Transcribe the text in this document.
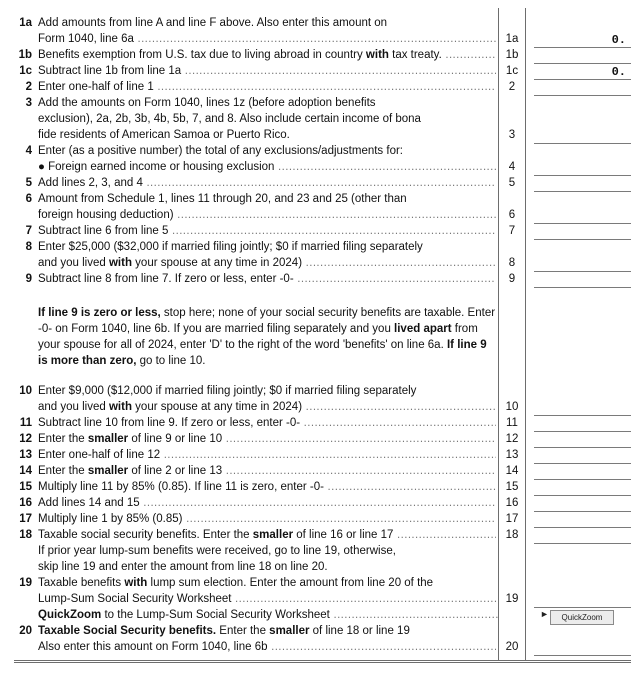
1a Add amounts from line A and line F above. Also enter this amount on
Form 1040, line 6a .....	1a	0.
1b Benefits exemption from U.S. tax due to living abroad in country with tax treaty. .....	1b
1c Subtract line 1b from line 1a .....	1c	0.
2 Enter one-half of line 1 .....	2
3 Add the amounts on Form 1040, lines 1z (before adoption benefits
exclusion), 2a, 2b, 3b, 4b, 5b, 7, and 8. Also include certain income of bona
fide residents of American Samoa or Puerto Rico.	3
4 Enter (as a positive number) the total of any exclusions/adjustments for:
● Foreign earned income or housing exclusion .....	4
5 Add lines 2, 3, and 4 .....	5
6 Amount from Schedule 1, lines 11 through 20, and 23 and 25 (other than
foreign housing deduction) .....	6
7 Subtract line 6 from line 5 .....	7
8 Enter $25,000 ($32,000 if married filing jointly; $0 if married filing separately
and you lived with your spouse at any time in 2024) .....	8
9 Subtract line 8 from line 7. If zero or less, enter -0- .....	9
10 Enter $9,000 ($12,000 if married filing jointly; $0 if married filing separately
and you lived with your spouse at any time in 2024) .....	10
11 Subtract line 10 from line 9. If zero or less, enter -0- .....	11
12 Enter the smaller of line 9 or line 10 .....	12
13 Enter one-half of line 12 .....	13
14 Enter the smaller of line 2 or line 13 .....	14
15 Multiply line 11 by 85% (0.85). If line 11 is zero, enter -0- .....	15
16 Add lines 14 and 15 .....	16
17 Multiply line 1 by 85% (0.85) .....	17
18 Taxable social security benefits. Enter the smaller of line 16 or line 17 .....	18
If prior year lump-sum benefits were received, go to line 19, otherwise,
skip line 19 and enter the amount from line 18 on line 20.
19 Taxable benefits with lump sum election. Enter the amount from line 20 of the
Lump-Sum Social Security Worksheet .....	19
QuickZoom to the Lump-Sum Social Security Worksheet .....
20 Taxable Social Security benefits. Enter the smaller of line 18 or line 19
Also enter this amount on Form 1040, line 6b .....	20
If line 9 is zero or less, stop here; none of your social security benefits are taxable. Enter -0- on Form 1040, line 6b. If you are married filing separately and you lived apart from your spouse for all of 2024, enter 'D' to the right of the word 'benefits' on line 6a. If line 9 is more than zero, go to line 10.
►	QuickZoom
